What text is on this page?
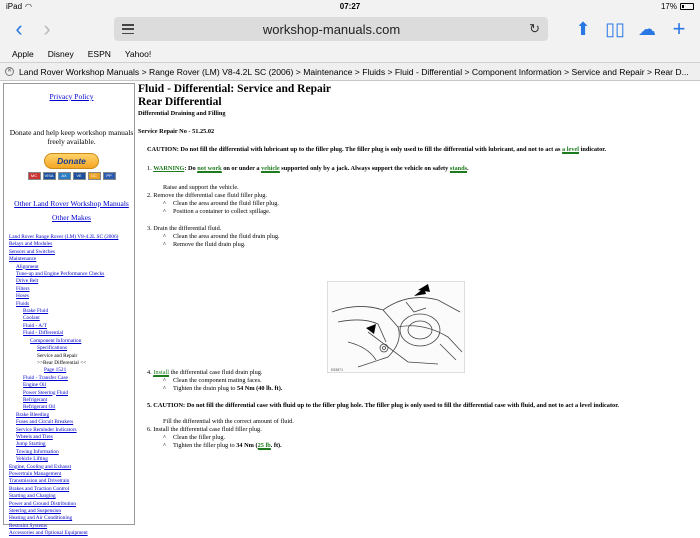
iPad ◠	07:27	17%
‹ ›	workshop-manuals.com	↻	⬆ ▯▯ ☁ +
Apple Disney ESPN Yahoo!
✕ Land Rover Workshop Manuals > Range Rover (LM) V8-4.2L SC (2006) > Maintenance > Fluids > Fluid - Differential > Component Information > Service and Repair > Rear D...
Privacy Policy
Donate and help keep workshop manuals freely available.
Donate
MC	VISA	AX	VE	DC	PP
Other Land Rover Workshop Manuals
Other Makes
Land Rover Range Rover (LM) V8-4.2L SC (2006)
Relays and Modules
Sensors and Switches
Maintenance
Alignment
Tune-up and Engine Performance Checks
Drive Belt
Filters
Hoses
Fluids
Brake Fluid
Coolant
Fluid - A/T
Fluid - Differential
Component Information
Specifications
Service and Repair
>>Rear Differential <<
Page 1521
Fluid - Transfer Case
Engine Oil
Power Steering Fluid
Refrigerant
Refrigerant Oil
Brake Bleeding
Fuses and Circuit Breakers
Service Reminder Indicators
Wheels and Tires
Jump Starting
Towing Information
Vehicle Lifting
Engine, Cooling and Exhaust
Powertrain Management
Transmission and Drivetrain
Brakes and Traction Control
Starting and Charging
Power and Ground Distribution
Steering and Suspension
Heating and Air Conditioning
Restraint Systems
Accessories and Optional Equipment
Fluid - Differential: Service and Repair
Rear Differential
Differential Draining and Filling
Service Repair No - 51.25.02
CAUTION: Do not fill the differential with lubricant up to the filler plug. The filler plug is only used to fill the differential with lubricant, and not to act as a level indicator.
1. WARNING: Do not work on or under a vehicle supported only by a jack. Always support the vehicle on safety stands.
Raise and support the vehicle.
2. Remove the differential case fluid filler plug.
^ Clean the area around the fluid filler plug.
^ Position a container to collect spillage.
3. Drain the differential fluid.
^ Clean the area around the fluid drain plug.
^ Remove the fluid drain plug.
4. Install the differential case fluid drain plug.
^ Clean the component mating faces.
^ Tighten the drain plug to 54 Nm (40 lb. ft).
5. CAUTION: Do not fill the differential case with fluid up to the filler plug hole. The filler plug is only used to fill the differential case with fluid, and not to act a level indicator.
Fill the differential with the correct amount of fluid.
6. Install the differential case fluid filler plug.
^ Clean the filler plug.
^ Tighten the filler plug to 34 Nm (25 lb. ft).
E83871
